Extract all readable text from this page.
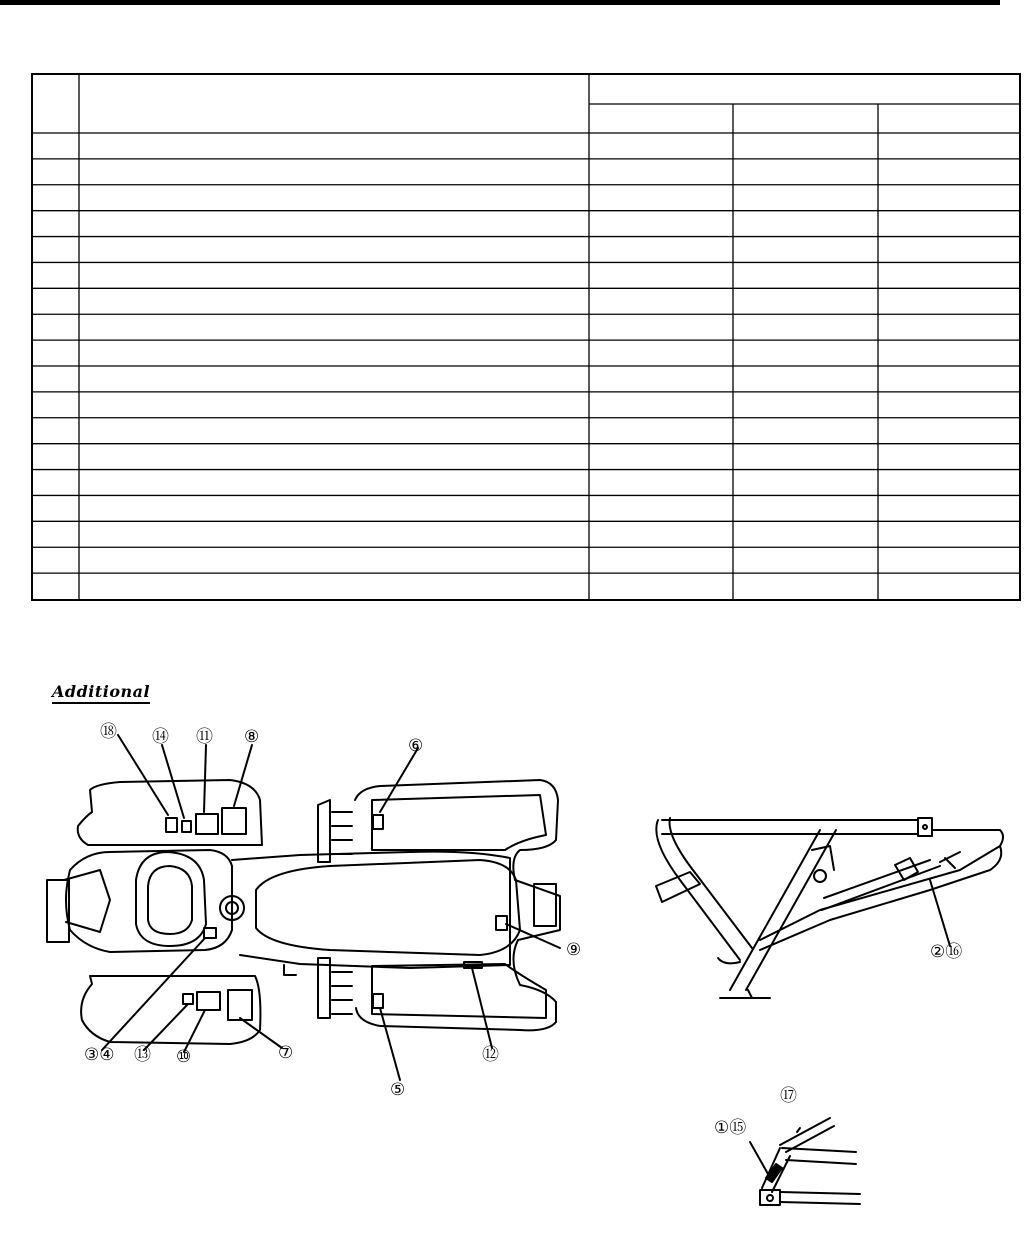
Additional
⑱ ⑭ ⑪ ⑧	⑥
⑨
③④ ⑬ ⑩	⑦
⑤
⑫
②⑯
⑰
①⑮
